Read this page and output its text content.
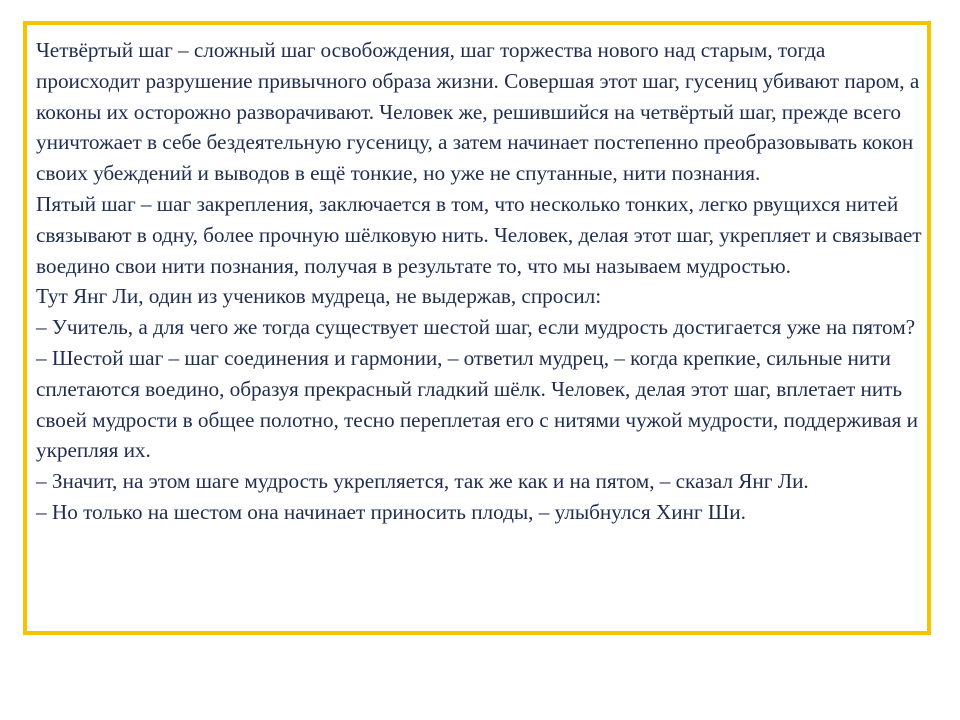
Четвёртый шаг – сложный шаг освобождения, шаг торжества нового над старым, тогда происходит разрушение привычного образа жизни. Совершая этот шаг, гусениц убивают паром, а коконы их осторожно разворачивают. Человек же, решившийся на четвёртый шаг, прежде всего уничтожает в себе бездеятельную гусеницу, а затем начинает постепенно преобразовывать кокон своих убеждений и выводов в ещё тонкие, но уже не спутанные, нити познания.

Пятый шаг – шаг закрепления, заключается в том, что несколько тонких, легко рвущихся нитей связывают в одну, более прочную шёлковую нить. Человек, делая этот шаг, укрепляет и связывает воедино свои нити познания, получая в результате то, что мы называем мудростью.

Тут Янг Ли, один из учеников мудреца, не выдержав, спросил:

– Учитель, а для чего же тогда существует шестой шаг, если мудрость достигается уже на пятом?

– Шестой шаг – шаг соединения и гармонии, – ответил мудрец, – когда крепкие, сильные нити сплетаются воедино, образуя прекрасный гладкий шёлк. Человек, делая этот шаг, вплетает нить своей мудрости в общее полотно, тесно переплетая его с нитями чужой мудрости, поддерживая и укрепляя их.

– Значит, на этом шаге мудрость укрепляется, так же как и на пятом, – сказал Янг Ли.

– Но только на шестом она начинает приносить плоды, – улыбнулся Хинг Ши.
